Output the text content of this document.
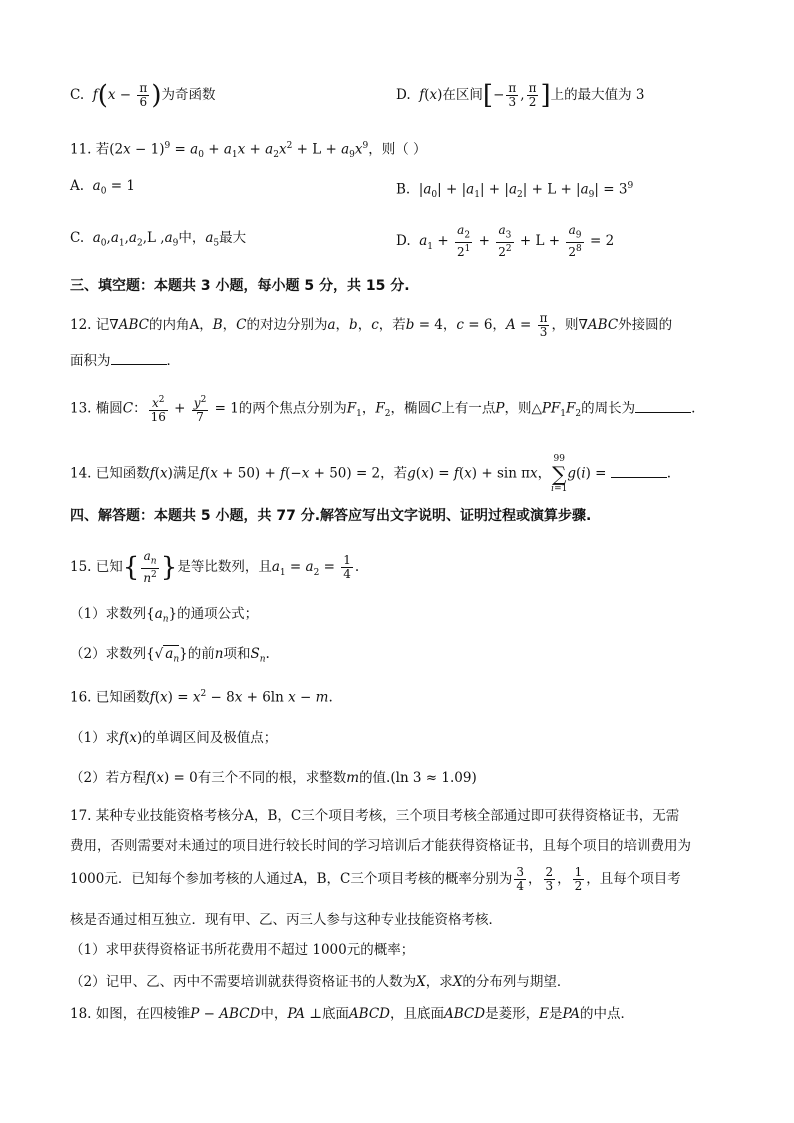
C. $f(x - \frac{\pi}{6}$ )为奇函数	D. f(x)在区间[− $\frac{\pi}{3}$ , $\frac{\pi}{2}$ ]上的最大值为 3
11. 若$(2x - 1)^9 = a_0 + a_1x + a_2x^2 + L + a_9x^9$，则（ ）
A. $a_0 = 1$	B.  $|a_0| + |a_1| + |a_2| + L + |a_9| = 3^9$
C. $a_0,a_1,a_2,L$ $,a_9$中，$a_5$最大	D. $a_1 + \frac{a_2}{2^1} + \frac{a_3}{2^2} + L + \frac{a_9}{2^8} = 2$
三、填空题：本题共 3 小题，每小题 5 分，共 15 分.
12. 记∇ABC的内角A，B，C的对边分别为a，b，c，若b = 4，c = 6，$A = \frac{\pi}{3}$ ，则∇ABC外接圆的
面积为	．
13. 椭圆C： $\frac{x^2}{16} + \frac{y^2}{7} = 1$的两个焦点分别为$F_1$，$F_2$，椭圆C上有一点P，则$\triangle PF_1F_2$的周长为	.
14. 已知函数f(x)满足f(x + 50) + f(−x + 50) = 2，若g(x) = f(x) + sin πx，99
∑
i=1g(i) =	.
四、解答题：本题共 5 小题，共 77 分.解答应写出文字说明、证明过程或演算步骤.
15. 已知{ $\frac{a_n}{n^2}$ }是等比数列，且$a_1 = a_2 = \frac{1}{4}$ .
（1）求数列$\{a_n\}$的通项公式；
（2）求数列{√ $a_n$}的前n项和$S_n$.
16. 已知函数$f(x) = x^2 - 8x + 6\ln$ x − m.
（1）求f(x)的单调区间及极值点；
（2）若方程f(x) = 0有三个不同的根，求整数m的值.(ln 3 ≈ 1.09)
17. 某种专业技能资格考核分A，B，C三个项目考核，三个项目考核全部通过即可获得资格证书，无需
费用，否则需要对未通过的项目进行较长时间的学习培训后才能获得资格证书，且每个项目的培训费用为
1000元．已知每个参加考核的人通过A，B，C三个项目考核的概率分别为 $\frac{3}{4}$ ， $\frac{2}{3}$ ， $\frac{1}{2}$ ，且每个项目考
核是否通过相互独立．现有甲、乙、丙三人参与这种专业技能资格考核．
（1）求甲获得资格证书所花费用不超过 1000元的概率；
（2）记甲、乙、丙中不需要培训就获得资格证书的人数为X，求X的分布列与期望．
18. 如图，在四棱锥P − ABCD中，PA ⊥底面ABCD，且底面ABCD是菱形，E是PA的中点．
